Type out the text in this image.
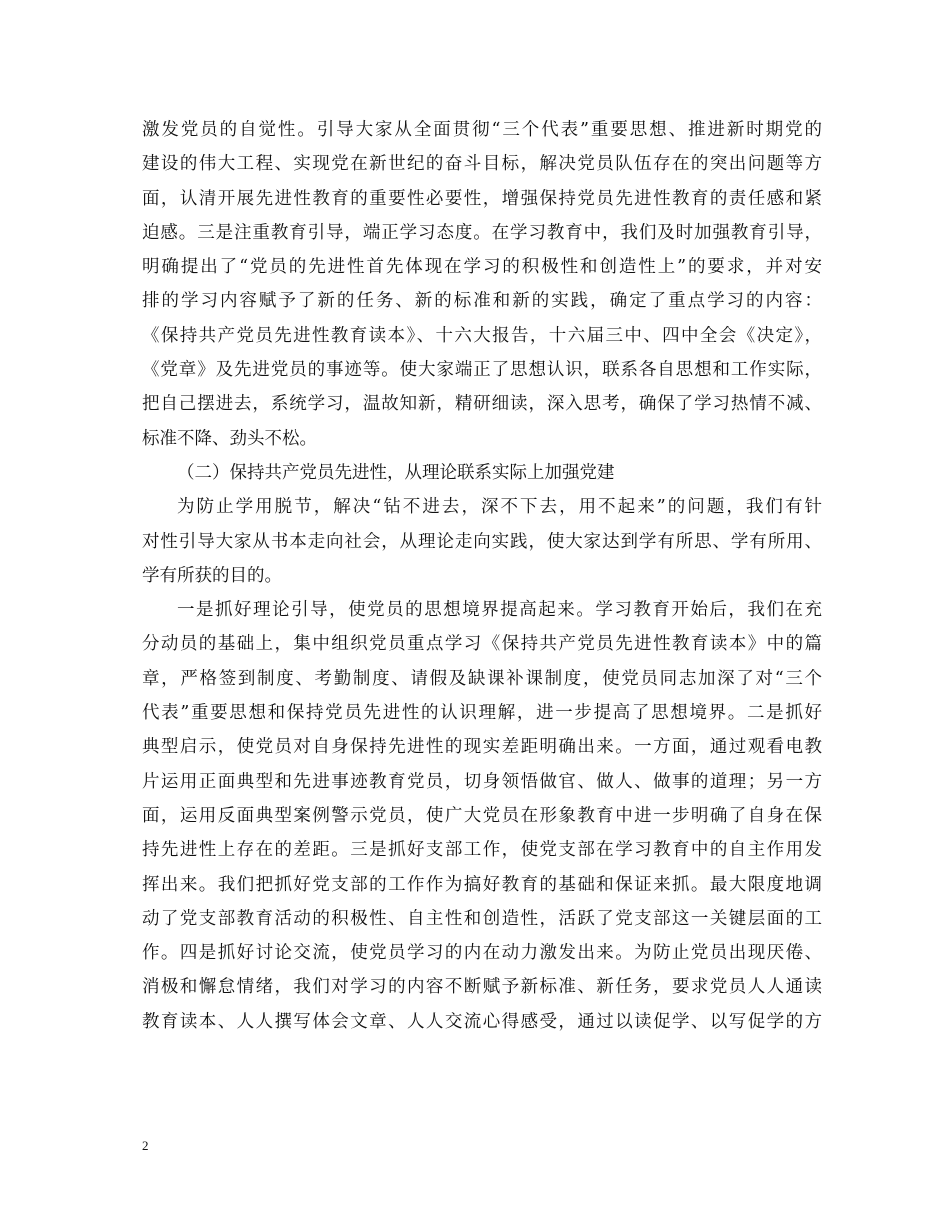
激发党员的自觉性。引导大家从全面贯彻“三个代表”重要思想、推进新时期党的
建设的伟大工程、实现党在新世纪的奋斗目标，解决党员队伍存在的突出问题等方
面，认清开展先进性教育的重要性必要性，增强保持党员先进性教育的责任感和紧
迫感。三是注重教育引导，端正学习态度。在学习教育中，我们及时加强教育引导，
明确提出了“党员的先进性首先体现在学习的积极性和创造性上”的要求，并对安
排的学习内容赋予了新的任务、新的标准和新的实践，确定了重点学习的内容：
《保持共产党员先进性教育读本》、十六大报告，十六届三中、四中全会《决定》，
《党章》及先进党员的事迹等。使大家端正了思想认识，联系各自思想和工作实际，
把自己摆进去，系统学习，温故知新，精研细读，深入思考，确保了学习热情不减、
标准不降、劲头不松。
（二）保持共产党员先进性，从理论联系实际上加强党建
为防止学用脱节，解决“钻不进去，深不下去，用不起来”的问题，我们有针
对性引导大家从书本走向社会，从理论走向实践，使大家达到学有所思、学有所用、
学有所获的目的。
一是抓好理论引导，使党员的思想境界提高起来。学习教育开始后，我们在充
分动员的基础上，集中组织党员重点学习《保持共产党员先进性教育读本》中的篇
章，严格签到制度、考勤制度、请假及缺课补课制度，使党员同志加深了对“三个
代表”重要思想和保持党员先进性的认识理解，进一步提高了思想境界。二是抓好
典型启示，使党员对自身保持先进性的现实差距明确出来。一方面，通过观看电教
片运用正面典型和先进事迹教育党员，切身领悟做官、做人、做事的道理；另一方
面，运用反面典型案例警示党员，使广大党员在形象教育中进一步明确了自身在保
持先进性上存在的差距。三是抓好支部工作，使党支部在学习教育中的自主作用发
挥出来。我们把抓好党支部的工作作为搞好教育的基础和保证来抓。最大限度地调
动了党支部教育活动的积极性、自主性和创造性，活跃了党支部这一关键层面的工
作。四是抓好讨论交流，使党员学习的内在动力激发出来。为防止党员出现厌倦、
消极和懈怠情绪，我们对学习的内容不断赋予新标准、新任务，要求党员人人通读
教育读本、人人撰写体会文章、人人交流心得感受，通过以读促学、以写促学的方
2
